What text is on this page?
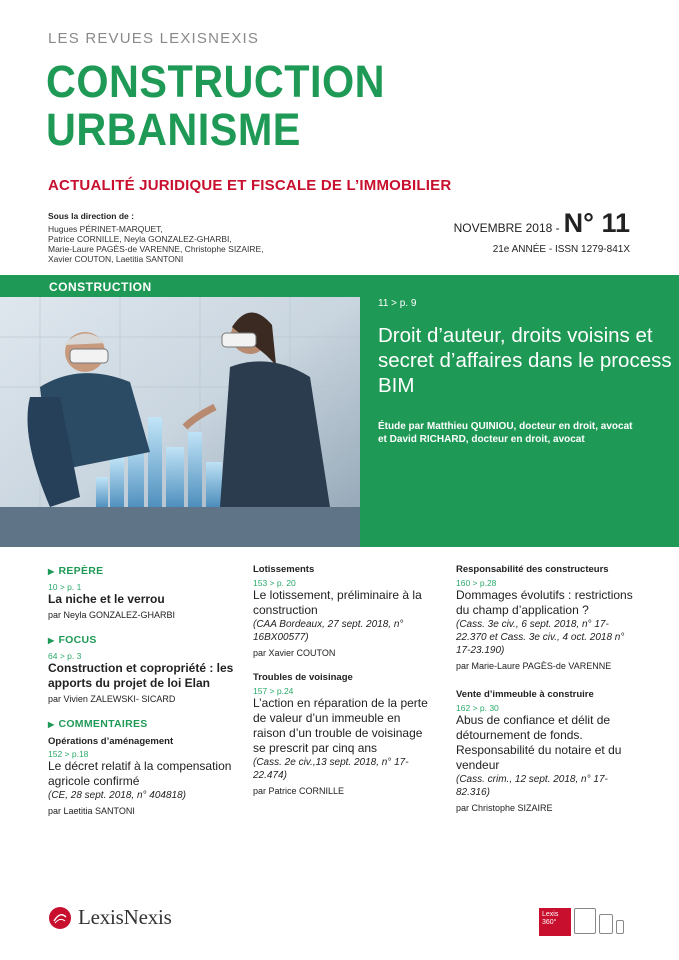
LES REVUES LEXISNEXIS
CONSTRUCTION
URBANISME
ACTUALITÉ JURIDIQUE ET FISCALE DE L’IMMOBILIER
Sous la direction de :
Hugues PÉRINET-MARQUET,
Patrice CORNILLE, Neyla GONZALEZ-GHARBI,
Marie-Laure PAGÈS-de VARENNE, Christophe SIZAIRE,
Xavier COUTON, Laetitia SANTONI
NOVEMBRE 2018 - N° 11
21e ANNÉE - ISSN 1279-841X
CONSTRUCTION
11 > p. 9
Droit d’auteur, droits voisins et secret d’affaires dans le process BIM
Étude par Matthieu QUINIOU, docteur en droit, avocat
et David RICHARD, docteur en droit, avocat
▶ REPÈRE
10 > p. 1
La niche et le verrou
par Neyla GONZALEZ-GHARBI
▶ FOCUS
64 > p. 3
Construction et copropriété : les apports du projet de loi Elan
par Vivien ZALEWSKI- SICARD
▶ COMMENTAIRES
Opérations d’aménagement
152 > p.18
Le décret relatif à la compensation agricole confirmé
(CE, 28 sept. 2018, n° 404818)
par Laetitia SANTONI
Lotissements
153 > p. 20
Le lotissement, préliminaire à la construction
(CAA Bordeaux, 27 sept. 2018, n° 16BX00577)
par Xavier COUTON
Troubles de voisinage
157 > p.24
L’action en réparation de la perte de valeur d’un immeuble en raison d’un trouble de voisinage se prescrit par cinq ans
(Cass. 2e civ.,13 sept. 2018, n° 17-22.474)
par Patrice CORNILLE
Responsabilité des constructeurs
160 > p.28
Dommages évolutifs : restrictions du champ d’application ?
(Cass. 3e civ., 6 sept. 2018, n° 17-22.370 et Cass. 3e civ., 4 oct. 2018 n° 17-23.190)
par Marie-Laure PAGÈS-de VARENNE
Vente d’immeuble à construire
162 > p. 30
Abus de confiance et délit de détournement de fonds. Responsabilité du notaire et du vendeur
(Cass. crim., 12 sept. 2018, n° 17-82.316)
par Christophe SIZAIRE
LexisNexis	Lexis
360°
